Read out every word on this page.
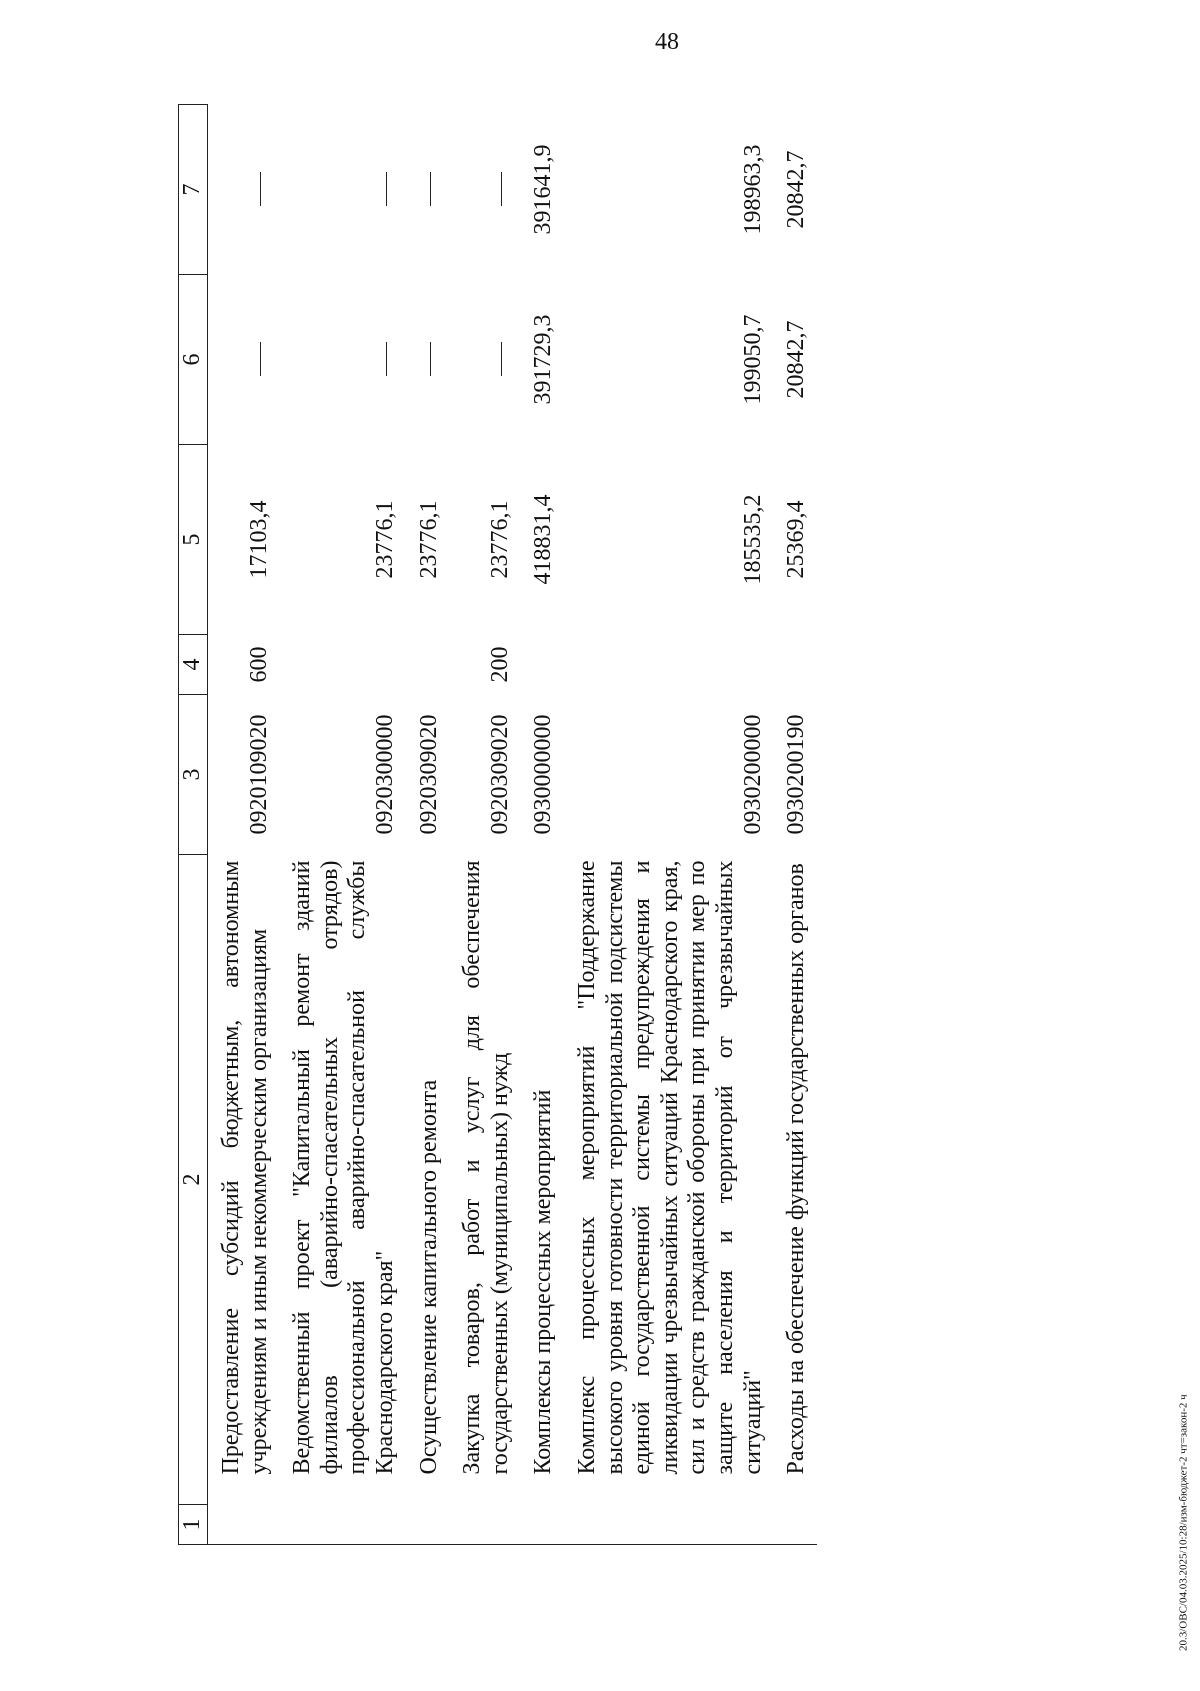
48
1	2	3	4	5	6	7
	Предоставление субсидий бюджетным, автономным учреждениям и иным некоммерческим организациям	0920109020	600	17103,4		
	Ведомственный проект "Капитальный ремонт зданий филиалов (аварийно-спасательных отрядов) профессиональной аварийно-спасательной службы Краснодарского края"	0920300000		23776,1		
	Осуществление капитального ремонта	0920309020		23776,1		
	Закупка товаров, работ и услуг для обеспечения государственных (муниципальных) нужд	0920309020	200	23776,1		
	Комплексы процессных мероприятий	0930000000		418831,4	391729,3	391641,9
	Комплекс процессных мероприятий "Поддержание высокого уровня готовности территориальной подсистемы единой государственной системы предупреждения и ликвидации чрезвычайных ситуаций Краснодарского края, сил и средств гражданской обороны при принятии мер по защите населения и территорий от чрезвычайных ситуаций"	0930200000		185535,2	199050,7	198963,3
	Расходы на обеспечение функций государственных органов	0930200190		25369,4	20842,7	20842,7
20.3/ОВС/04.03.2025/10:28/изм-бюджет-2 чт=закон-2 ч
